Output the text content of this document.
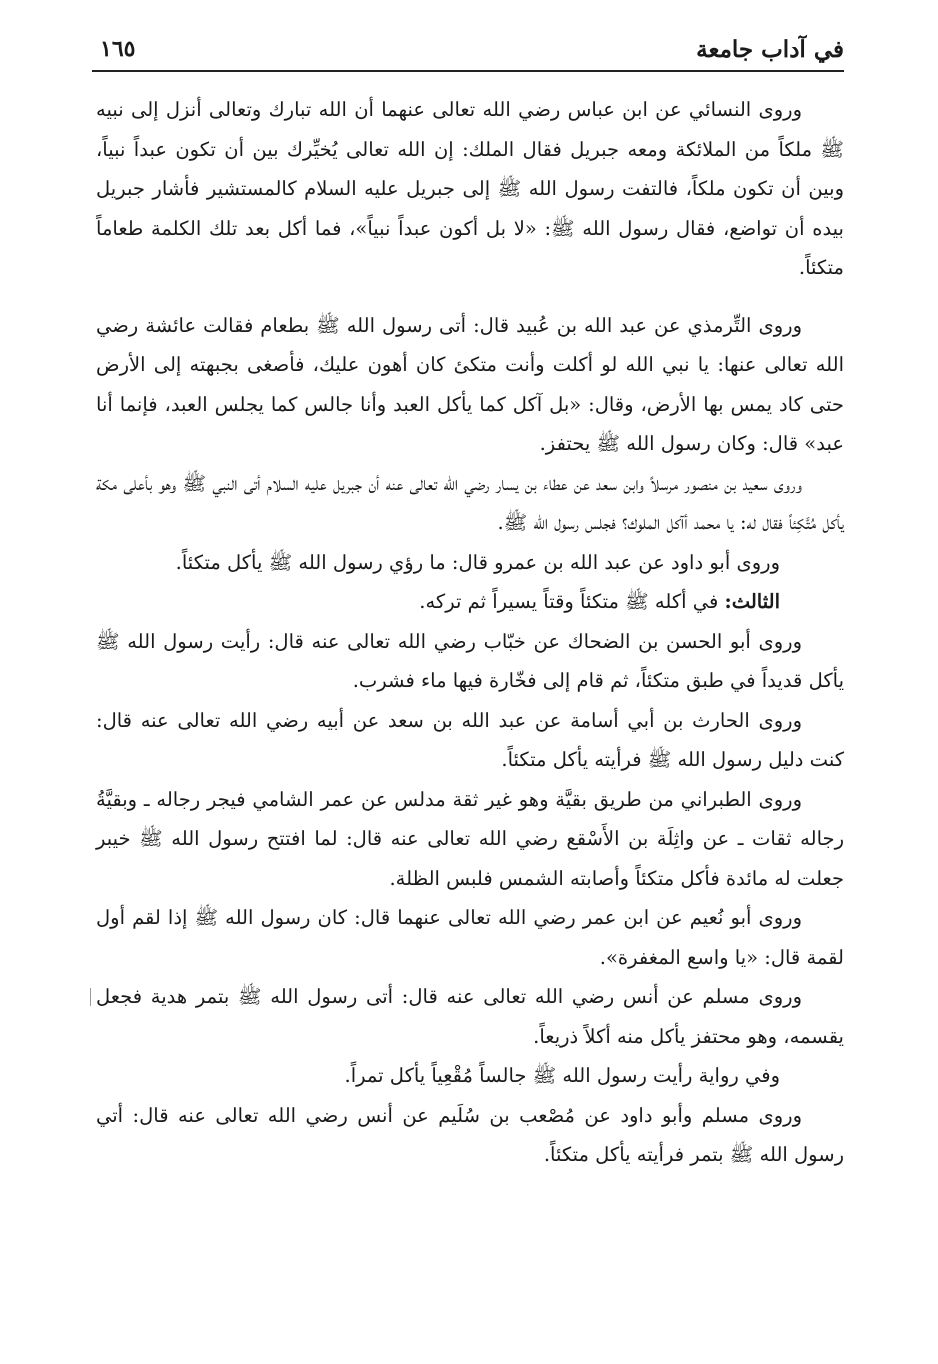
في آداب جامعة
١٦٥

وروى النسائي عن ابن عباس رضي الله تعالى عنهما أن الله تبارك وتعالى أنزل إلى نبيه ﷺ ملكاً من الملائكة ومعه جبريل فقال الملك: إن الله تعالى يُخيِّرك بين أن تكون عبداً نبياً، وبين أن تكون ملكاً، فالتفت رسول الله ﷺ إلى جبريل عليه السلام كالمستشير فأشار جبريل بيده أن تواضع، فقال رسول الله ﷺ: «لا بل أكون عبداً نبياً»، فما أكل بعد تلك الكلمة طعاماً متكئاً.

وروى التِّرمذي عن عبد الله بن عُبيد قال: أتى رسول الله ﷺ بطعام فقالت عائشة رضي الله تعالى عنها: يا نبي الله لو أكلت وأنت متكئ كان أهون عليك، فأصغى بجبهته إلى الأرض حتى كاد يمس بها الأرض، وقال: «بل آكل كما يأكل العبد وأنا جالس كما يجلس العبد، فإنما أنا عبد» قال: وكان رسول الله ﷺ يحتفز.

وروى سعيد بن منصور مرسلاً وابن سعد عن عطاء بن يسار رضي الله تعالى عنه أن جبريل عليه السلام أتى النبي ﷺ وهو بأعلى مكة يأكل مُتَّكِئاً فقال له: يا محمد أآكل الملوك؟ فجلس رسول الله ﷺ.

وروى أبو داود عن عبد الله بن عمرو قال: ما رؤي رسول الله ﷺ يأكل متكئاً.

الثالث: في أكله ﷺ متكئاً وقتاً يسيراً ثم تركه.

وروى أبو الحسن بن الضحاك عن خبّاب رضي الله تعالى عنه قال: رأيت رسول الله ﷺ يأكل قديداً في طبق متكئاً، ثم قام إلى فخّارة فيها ماء فشرب.

وروى الحارث بن أبي أسامة عن عبد الله بن سعد عن أبيه رضي الله تعالى عنه قال: كنت دليل رسول الله ﷺ فرأيته يأكل متكئاً.

وروى الطبراني من طريق بقيَّة وهو غير ثقة مدلس عن عمر الشامي فيجر رجاله ـ وبقيَّةُ رجاله ثقات ـ عن واثِلَة بن الأَسْقع رضي الله تعالى عنه قال: لما افتتح رسول الله ﷺ خيبر جعلت له مائدة فأكل متكئاً وأصابته الشمس فلبس الظلة.

وروى أبو نُعيم عن ابن عمر رضي الله تعالى عنهما قال: كان رسول الله ﷺ إذا لقم أول لقمة قال: «يا واسع المغفرة».

وروى مسلم عن أنس رضي الله تعالى عنه قال: أتى رسول الله ﷺ بتمر هدية فجعل يقسمه، وهو محتفز يأكل منه أكلاً ذريعاً.

وفي رواية رأيت رسول الله ﷺ جالساً مُقْعِياً يأكل تمراً.

وروى مسلم وأبو داود عن مُصْعب بن سُلَيم عن أنس رضي الله تعالى عنه قال: أتي رسول الله ﷺ بتمر فرأيته يأكل متكئاً.
